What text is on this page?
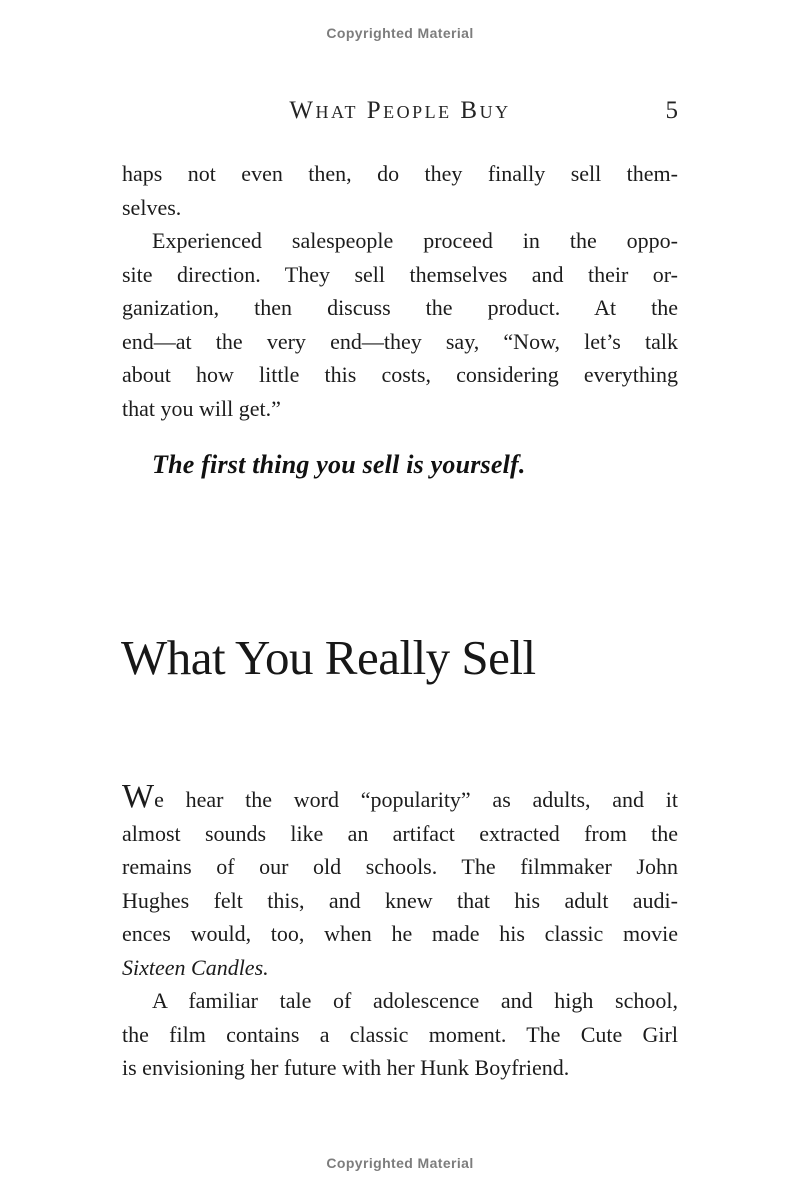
Copyrighted Material
What People Buy	5
haps not even then, do they finally sell them-
selves.
Experienced salespeople proceed in the oppo-
site direction. They sell themselves and their or-
ganization, then discuss the product. At the
end—at the very end—they say, “Now, let’s talk
about how little this costs, considering everything
that you will get.”
The first thing you sell is yourself.
What You Really Sell
We hear the word “popularity” as adults, and it
almost sounds like an artifact extracted from the
remains of our old schools. The filmmaker John
Hughes felt this, and knew that his adult audi-
ences would, too, when he made his classic movie
Sixteen Candles.
A familiar tale of adolescence and high school,
the film contains a classic moment. The Cute Girl
is envisioning her future with her Hunk Boyfriend.
Copyrighted Material
